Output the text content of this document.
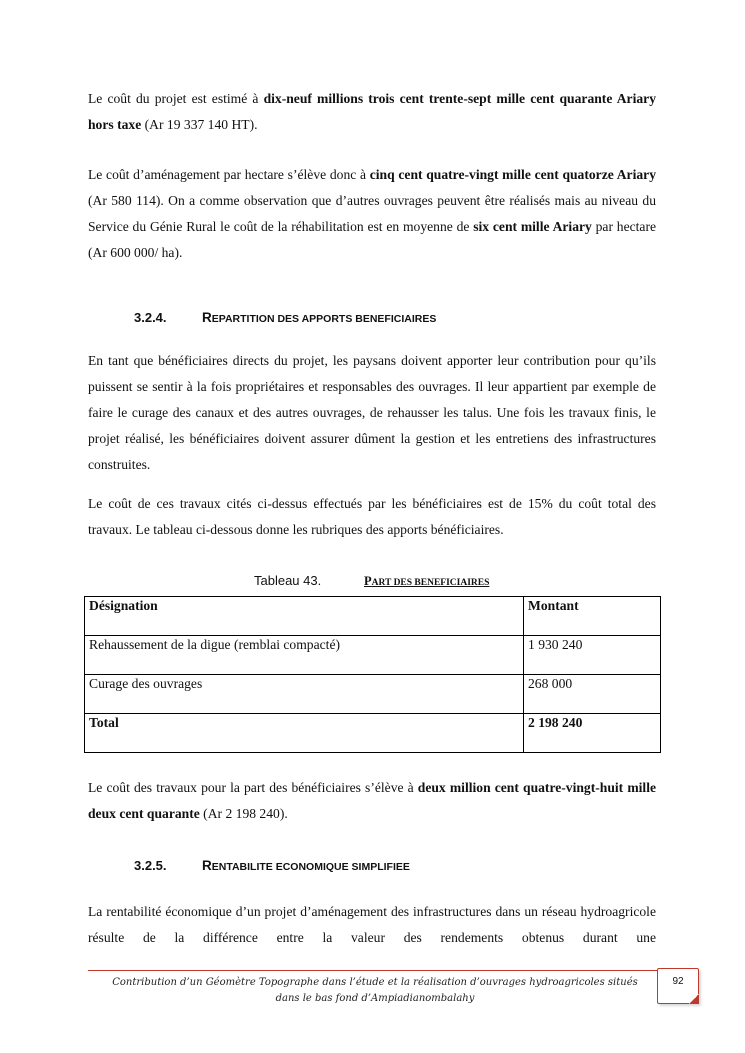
Le coût du projet est estimé à dix-neuf millions trois cent trente-sept mille cent quarante Ariary hors taxe (Ar 19 337 140 HT).

Le coût d’aménagement par hectare s’élève donc à cinq cent quatre-vingt mille cent quatorze Ariary (Ar 580 114). On a comme observation que d’autres ouvrages peuvent être réalisés mais au niveau du Service du Génie Rural le coût de la réhabilitation est en moyenne de six cent mille Ariary par hectare (Ar 600 000/ ha).

3.2.4.	REPARTITION DES APPORTS BENEFICIAIRES

En tant que bénéficiaires directs du projet, les paysans doivent apporter leur contribution pour qu’ils puissent se sentir à la fois propriétaires et responsables des ouvrages. Il leur appartient par exemple de faire le curage des canaux et des autres ouvrages, de rehausser les talus. Une fois les travaux finis, le projet réalisé, les bénéficiaires doivent assurer dûment la gestion et les entretiens des infrastructures construites.

Le coût de ces travaux cités ci-dessus effectués par les bénéficiaires est de 15% du coût total des travaux. Le tableau ci-dessous donne les rubriques des apports bénéficiaires.

Tableau 43.	PART DES BENEFICIAIRES
Désignation	Montant
Rehaussement de la digue (remblai compacté)	1 930 240
Curage des ouvrages	268 000
Total	2 198 240

Le coût des travaux pour la part des bénéficiaires s’élève à deux million cent quatre-vingt-huit mille deux cent quarante (Ar 2 198 240).

3.2.5.	RENTABILITE ECONOMIQUE SIMPLIFIEE

La rentabilité économique d’un projet d’aménagement des infrastructures dans un réseau hydroagricole résulte de la différence entre la valeur des rendements obtenus durant une

Contribution d’un Géomètre Topographe dans l’étude et la réalisation d’ouvrages hydroagricoles situés dans le bas fond d’Ampiadianombalahy
92
